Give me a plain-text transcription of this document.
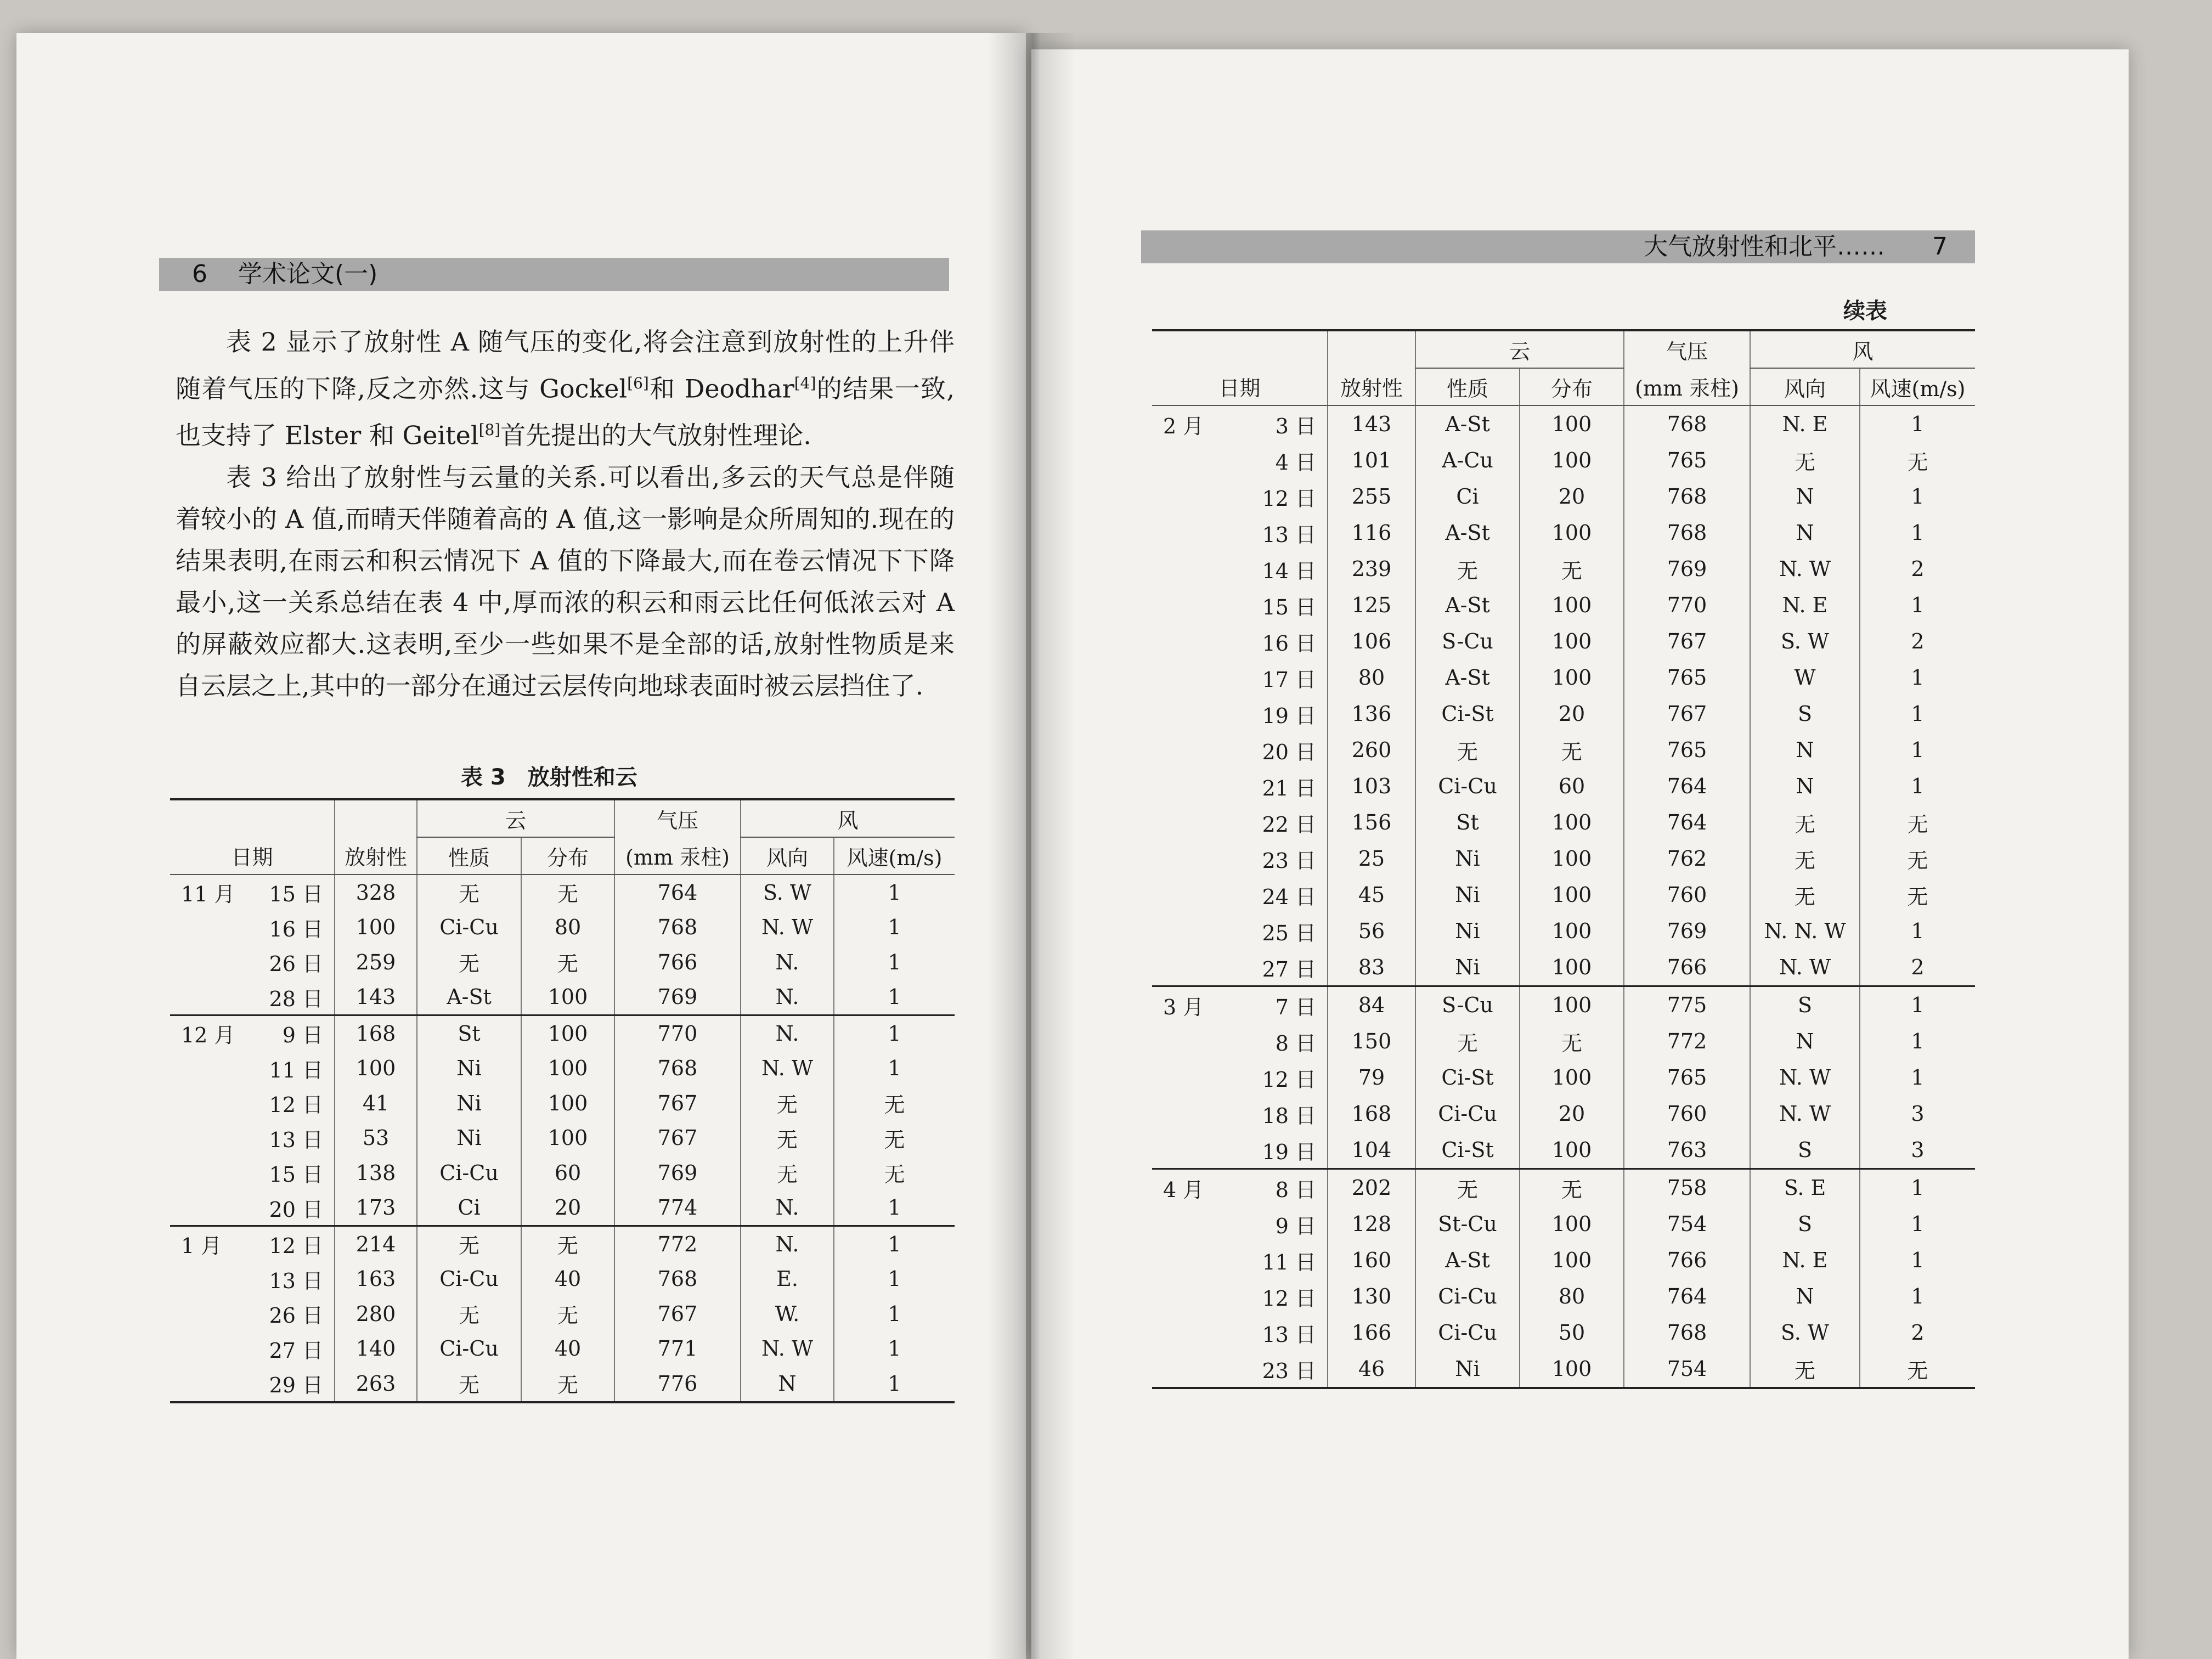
6 学术论文(一)

表 2 显示了放射性 A 随气压的变化,将会注意到放射性的上升伴随着气压的下降,反之亦然.这与 Gockel[6]和 Deodhar[4]的结果一致,也支持了 Elster 和 Geitel[8]首先提出的大气放射性理论.

表 3 给出了放射性与云量的关系.可以看出,多云的天气总是伴随着较小的 A 值,而晴天伴随着高的 A 值,这一影响是众所周知的.现在的结果表明,在雨云和积云情况下 A 值的下降最大,而在卷云情况下下降最小,这一关系总结在表 4 中,厚而浓的积云和雨云比任何低浓云对 A 的屏蔽效应都大.这表明,至少一些如果不是全部的话,放射性物质是来自云层之上,其中的一部分在通过云层传向地球表面时被云层挡住了.

表 3　放射性和云
日期		放射性	云		气压	风	
			性质	分布	(mm 汞柱)	风向	风速(m/s)
11 月	15 日	328	无	无	764	S. W	1
	16 日	100	Ci-Cu	80	768	N. W	1
	26 日	259	无	无	766	N.	1
	28 日	143	A-St	100	769	N.	1
12 月	9 日	168	St	100	770	N.	1
	11 日	100	Ni	100	768	N. W	1
	12 日	41	Ni	100	767	无	无
	13 日	53	Ni	100	767	无	无
	15 日	138	Ci-Cu	60	769	无	无
	20 日	173	Ci	20	774	N.	1
1 月	12 日	214	无	无	772	N.	1
	13 日	163	Ci-Cu	40	768	E.	1
	26 日	280	无	无	767	W.	1
	27 日	140	Ci-Cu	40	771	N. W	1
	29 日	263	无	无	776	N	1
大气放射性和北平…… 7
续表
日期		放射性	云		气压	风	
			性质	分布	(mm 汞柱)	风向	风速(m/s)
2 月	3 日	143	A-St	100	768	N. E	1
	4 日	101	A-Cu	100	765	无	无
	12 日	255	Ci	20	768	N	1
	13 日	116	A-St	100	768	N	1
	14 日	239	无	无	769	N. W	2
	15 日	125	A-St	100	770	N. E	1
	16 日	106	S-Cu	100	767	S. W	2
	17 日	80	A-St	100	765	W	1
	19 日	136	Ci-St	20	767	S	1
	20 日	260	无	无	765	N	1
	21 日	103	Ci-Cu	60	764	N	1
	22 日	156	St	100	764	无	无
	23 日	25	Ni	100	762	无	无
	24 日	45	Ni	100	760	无	无
	25 日	56	Ni	100	769	N. N. W	1
	27 日	83	Ni	100	766	N. W	2
3 月	7 日	84	S-Cu	100	775	S	1
	8 日	150	无	无	772	N	1
	12 日	79	Ci-St	100	765	N. W	1
	18 日	168	Ci-Cu	20	760	N. W	3
	19 日	104	Ci-St	100	763	S	3
4 月	8 日	202	无	无	758	S. E	1
	9 日	128	St-Cu	100	754	S	1
	11 日	160	A-St	100	766	N. E	1
	12 日	130	Ci-Cu	80	764	N	1
	13 日	166	Ci-Cu	50	768	S. W	2
	23 日	46	Ni	100	754	无	无
